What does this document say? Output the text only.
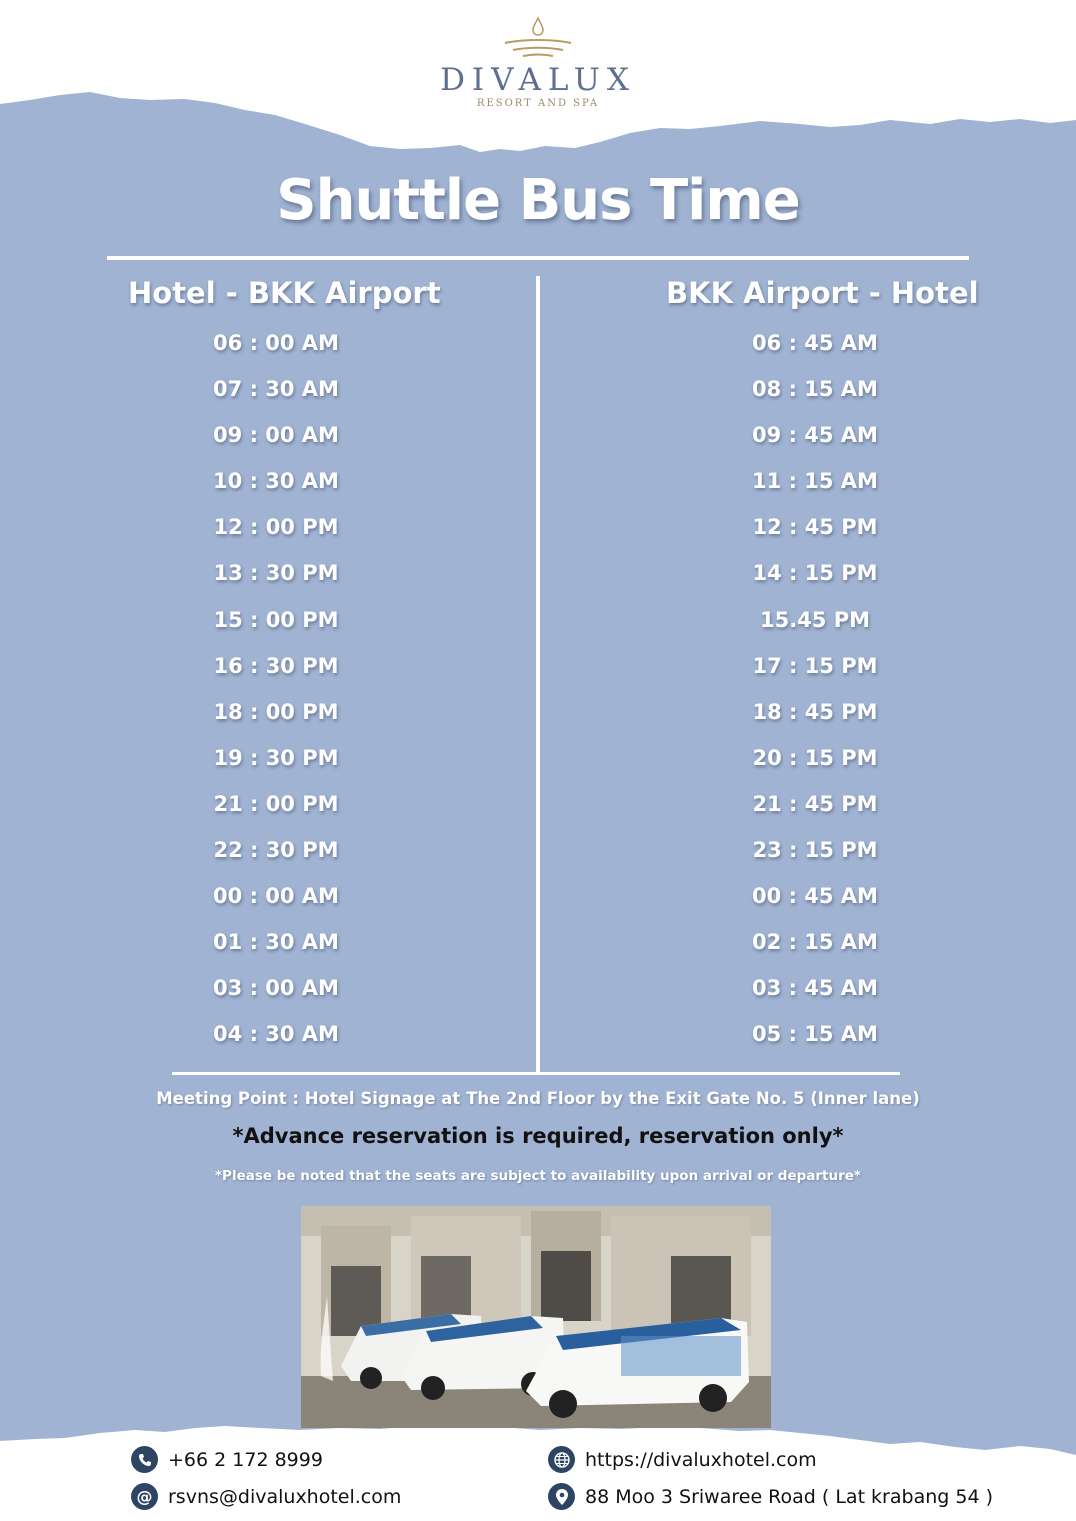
DIVALUX
RESORT AND SPA
Shuttle Bus Time
Hotel - BKK Airport	BKK Airport - Hotel
06 : 00 AM
07 : 30 AM
09 : 00 AM
10 : 30 AM
12 : 00 PM
13 : 30 PM
15 : 00 PM
16 : 30 PM
18 : 00 PM
19 : 30 PM
21 : 00 PM
22 : 30 PM
00 : 00 AM
01 : 30 AM
03 : 00 AM
04 : 30 AM
06 : 45 AM
08 : 15 AM
09 : 45 AM
11 : 15 AM
12 : 45 PM
14 : 15 PM
15.45 PM
17 : 15 PM
18 : 45 PM
20 : 15 PM
21 : 45 PM
23 : 15 PM
00 : 45 AM
02 : 15 AM
03 : 45 AM
05 : 15 AM
Meeting Point : Hotel Signage at The 2nd Floor by the Exit Gate No. 5 (Inner lane)
*Advance reservation is required, reservation only*
*Please be noted that the seats are subject to availability upon arrival or departure*
+66 2 172 8999
@ rsvns@divaluxhotel.com
https://divaluxhotel.com
88 Moo 3 Sriwaree Road ( Lat krabang 54 )
